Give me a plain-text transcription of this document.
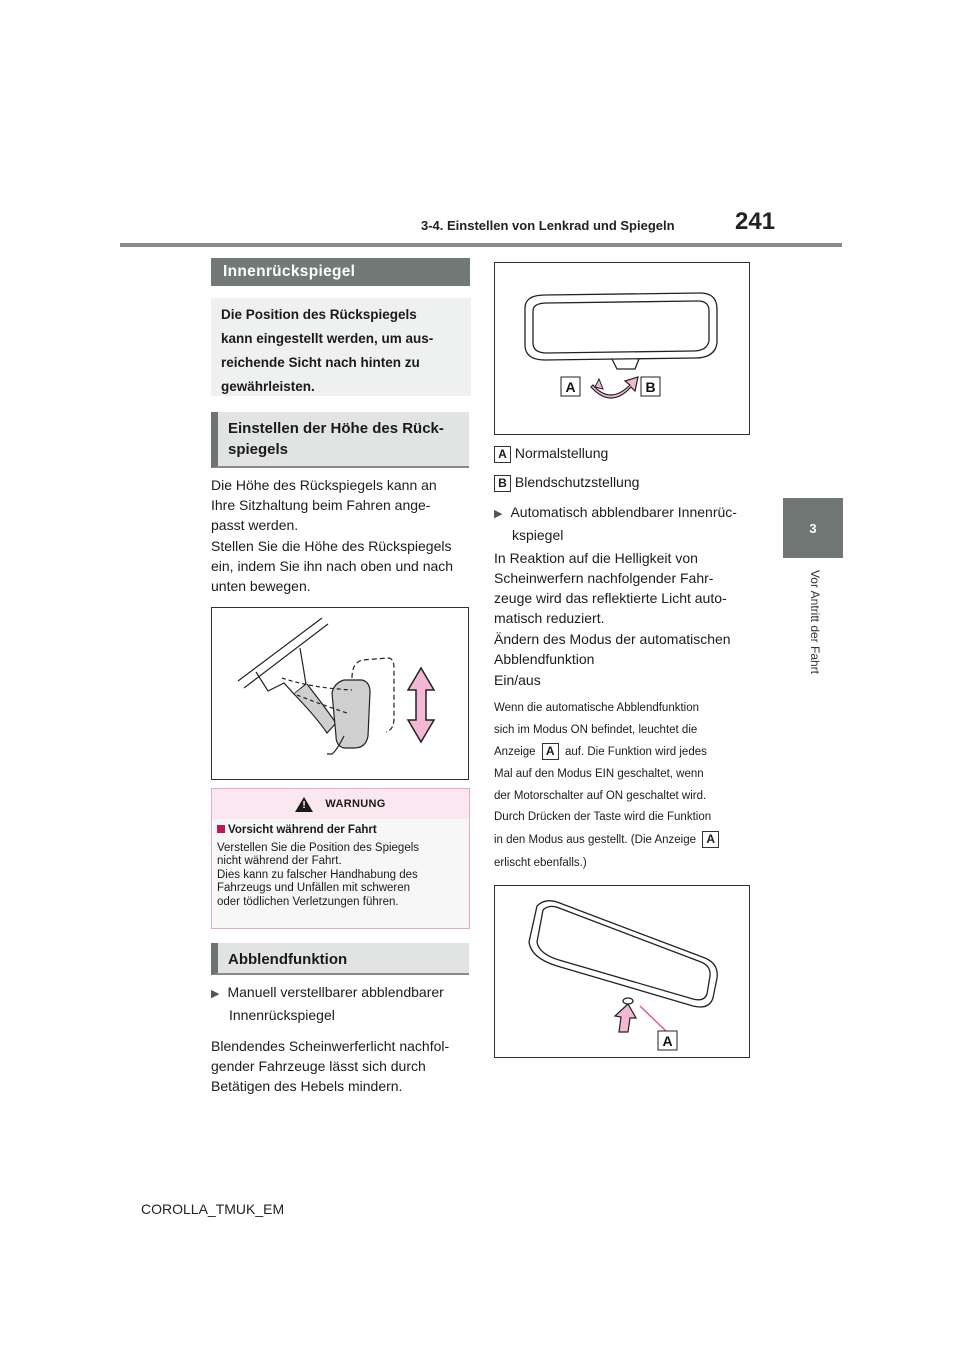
3-4. Einstellen von Lenkrad und Spiegeln	241
3
Vor Antritt der Fahrt
Innenrückspiegel
Die Position des Rückspiegels
kann eingestellt werden, um aus-
reichende Sicht nach hinten zu
gewährleisten.
Einstellen der Höhe des Rück-
spiegels
Die Höhe des Rückspiegels kann an
Ihre Sitzhaltung beim Fahren ange-
passt werden.
Stellen Sie die Höhe des Rückspiegels
ein, indem Sie ihn nach oben und nach
unten bewegen.
! WARNUNG
Vorsicht während der Fahrt
Verstellen Sie die Position des Spiegels
nicht während der Fahrt.
Dies kann zu falscher Handhabung des
Fahrzeugs und Unfällen mit schweren
oder tödlichen Verletzungen führen.
Abblendfunktion
▶ Manuell verstellbarer abblendbarer
Innenrückspiegel
Blendendes Scheinwerferlicht nachfol-
gender Fahrzeuge lässt sich durch
Betätigen des Hebels mindern.
A	B
A Normalstellung
B Blendschutzstellung
▶ Automatisch abblendbarer Innenrüc-
kspiegel
In Reaktion auf die Helligkeit von
Scheinwerfern nachfolgender Fahr-
zeuge wird das reflektierte Licht auto-
matisch reduziert.
Ändern des Modus der automatischen
Abblendfunktion
Ein/aus
Wenn die automatische Abblendfunktion
sich im Modus ON befindet, leuchtet die
Anzeige A auf. Die Funktion wird jedes
Mal auf den Modus EIN geschaltet, wenn
der Motorschalter auf ON geschaltet wird.
Durch Drücken der Taste wird die Funktion
in den Modus aus gestellt. (Die Anzeige A
erlischt ebenfalls.)
A
COROLLA_TMUK_EM
